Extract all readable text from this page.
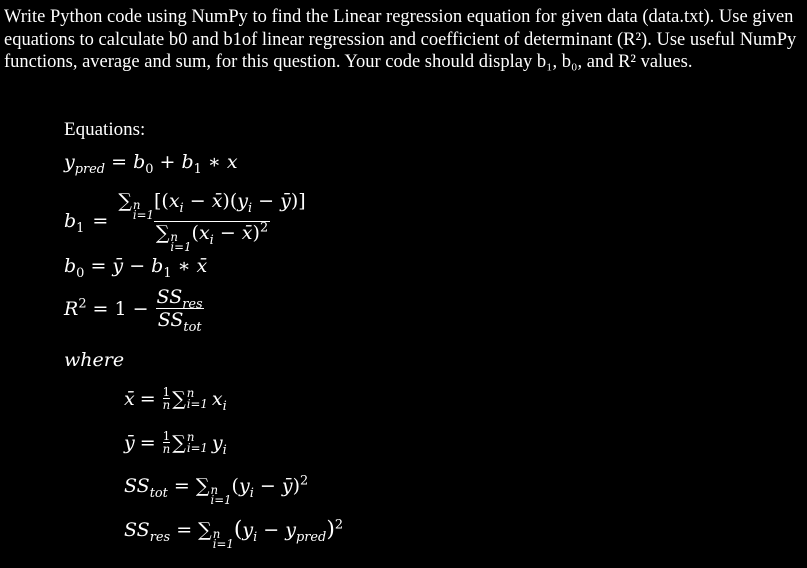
Write Python code using NumPy to find the Linear regression equation for given data (data.txt). Use given equations to calculate b0 and b1of linear regression and coefficient of determinant (R²). Use useful NumPy functions, average and sum, for this question. Your code should display b₁, b₀, and R² values.
Equations:
$y_{pred} = b_0 + b_1$ ∗ x
$b_1$ = ∑ n
i=1
[($x_i$ − $x̄)(y_i$ − ȳ)]
∑ n
i=1
($x_i$ − x̄)$^2$
$b_0$ = ȳ − $b_1$ ∗ x̄
$R^2 = 1 - \frac{SS_{res}}{SS_{tot}}$
where
x̄ = $\frac{1}{n}$ ∑ n
i=1 $x_i$
ȳ = $\frac{1}{n}$ ∑ n
i=1 $y_i$
$SS_{tot}$ = ∑ n
i=1
($y_i$ − ȳ)$^2$
$SS_{res}$ = ∑ n
i=1
$(y_i - y_{pred})^2$
